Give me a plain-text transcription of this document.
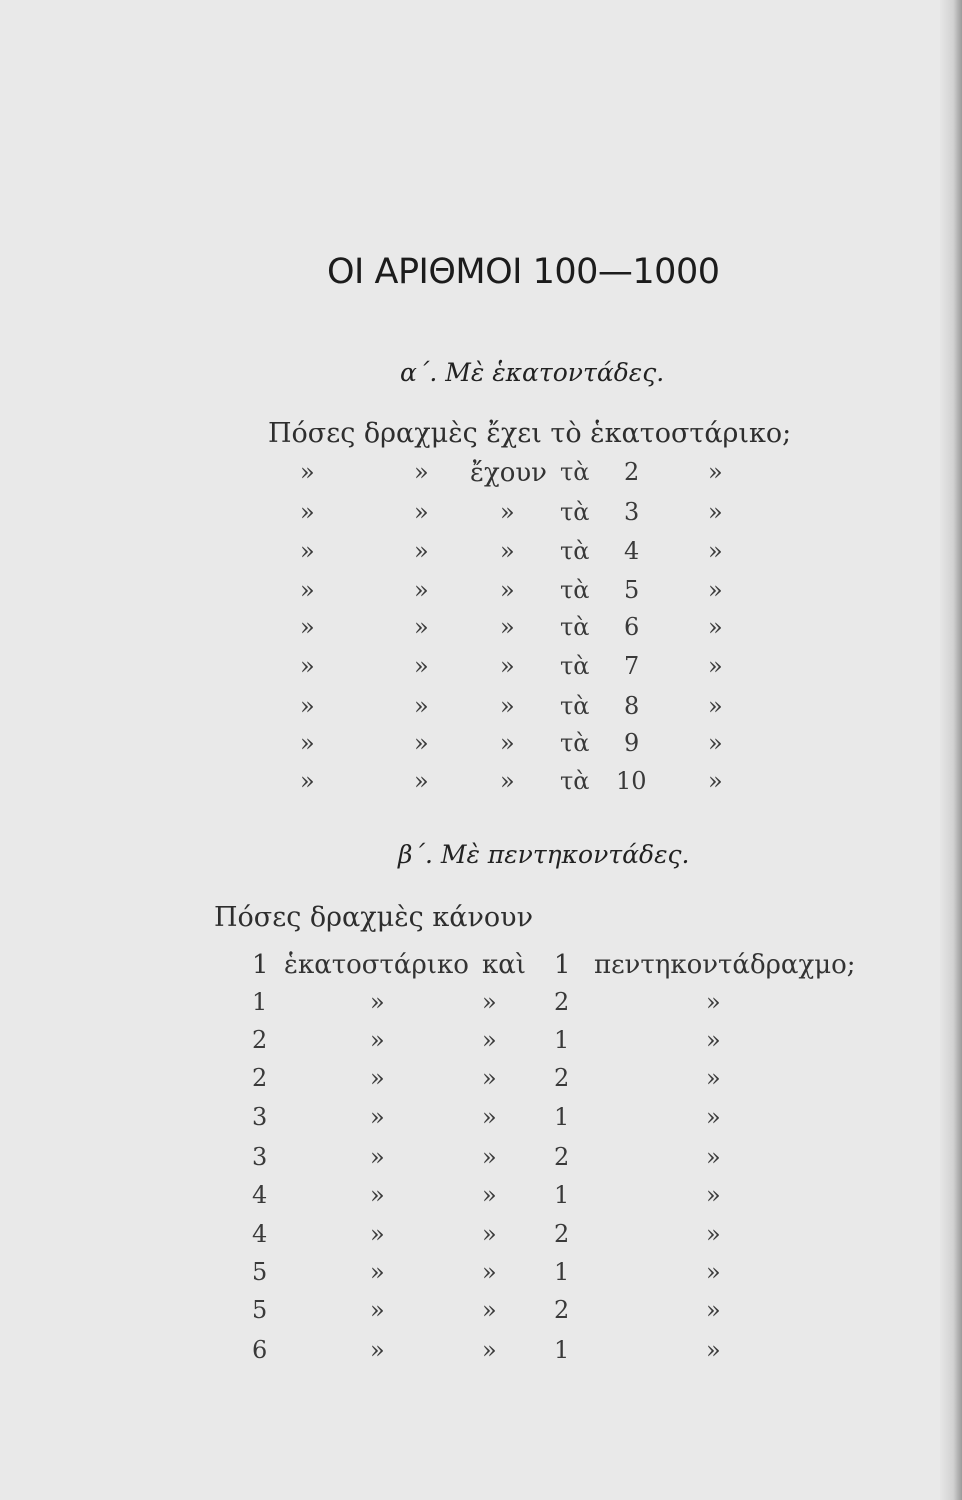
ΟΙ ΑΡΙΘΜΟΙ 100—1000
α΄. Μὲ ἑκατοντάδες.
Πόσες δραχμὲς ἔχει τὸ ἑκατοστάρικο;
»	» ἔχουν τὰ 2	»
»	»	» τὰ 3	»
»	»	» τὰ 4	»
»	»	» τὰ 5	»
»	»	» τὰ 6	»
»	»	» τὰ 7	»
»	»	» τὰ 8	»
»	»	» τὰ 9	»
»	»	» τὰ 10	»
β΄. Μὲ πεντηκοντάδες.
Πόσες δραχμὲς κάνουν
1 ἑκατοστάρικο καὶ 1 πεντηκοντάδραχμο;
1	»	» 2	»
2	»	» 1	»
2	»	» 2	»
3	»	» 1	»
3	»	» 2	»
4	»	» 1	»
4	»	» 2	»
5	»	» 1	»
5	»	» 2	»
6	»	» 1	»
